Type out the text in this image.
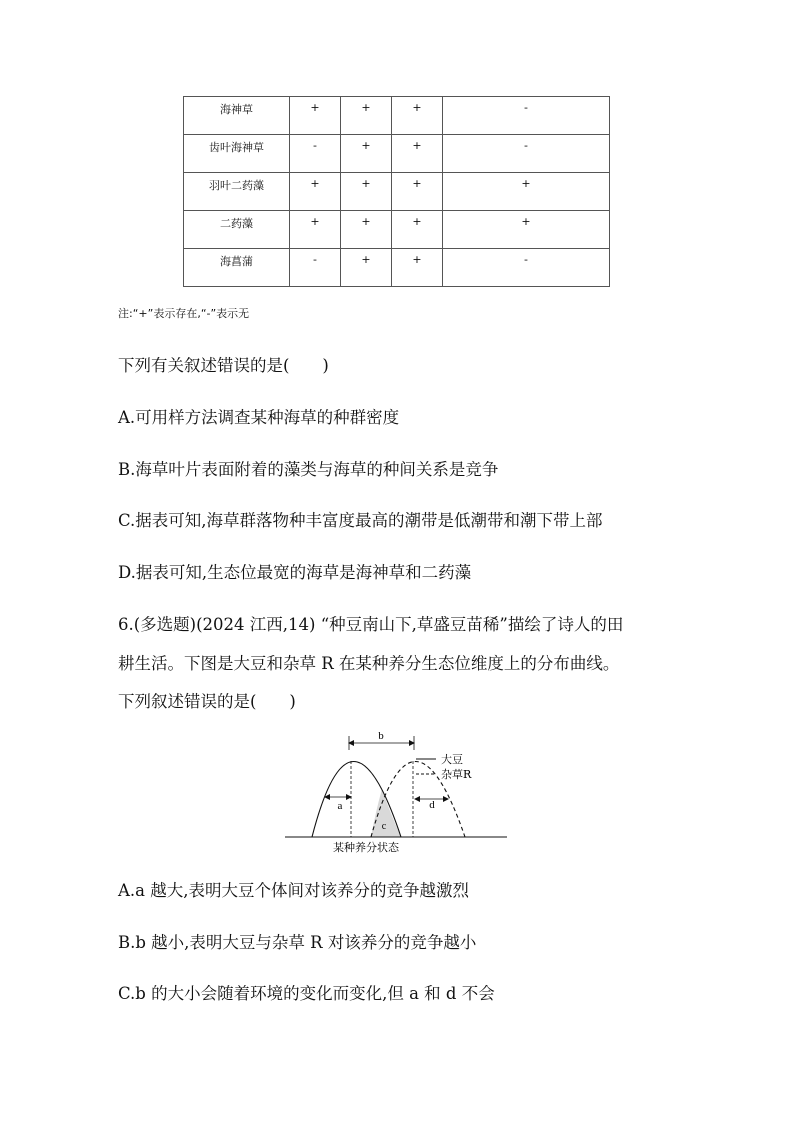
海神草	+	+	+	-
齿叶海神草	-	+	+	-
羽叶二药藻	+	+	+	+
二药藻	+	+	+	+
海菖蒲	-	+	+	-
注:“+”表示存在,“-”表示无
下列有关叙述错误的是(　　)
A.可用样方法调查某种海草的种群密度
B.海草叶片表面附着的藻类与海草的种间关系是竞争
C.据表可知,海草群落物种丰富度最高的潮带是低潮带和潮下带上部
D.据表可知,生态位最宽的海草是海神草和二药藻
6.(多选题)(2024 江西,14) “种豆南山下,草盛豆苗稀”描绘了诗人的田
耕生活。下图是大豆和杂草 R 在某种养分生态位维度上的分布曲线。
下列叙述错误的是(　　)
b
a	d
c
大豆
杂草R
某种养分状态
A.a 越大,表明大豆个体间对该养分的竞争越激烈
B.b 越小,表明大豆与杂草 R 对该养分的竞争越小
C.b 的大小会随着环境的变化而变化,但 a 和 d 不会
